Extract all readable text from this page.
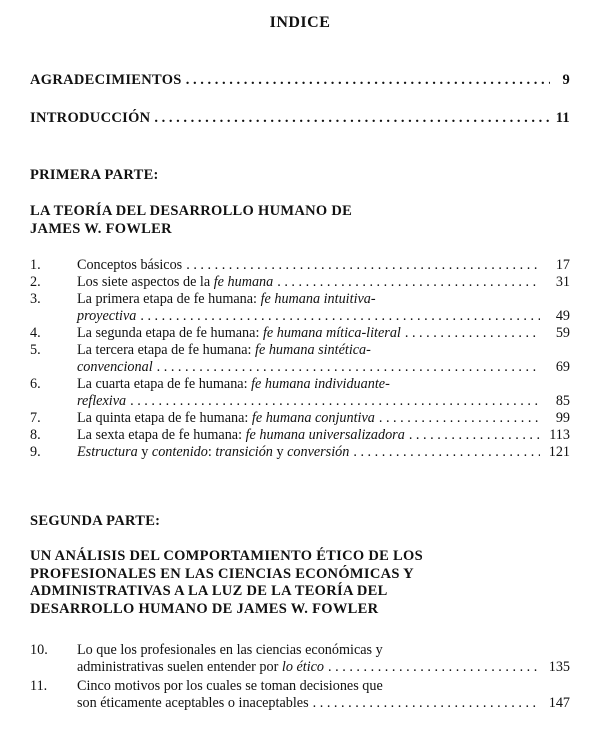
INDICE
AGRADECIMIENTOS . . .	9
INTRODUCCIÓN . . .	11
PRIMERA PARTE:
LA TEORÍA DEL DESARROLLO HUMANO DE
JAMES W. FOWLER
1.	Conceptos básicos . . .	17
2.	Los siete aspectos de la fe humana . . .	31
3.	La primera etapa de fe humana: fe humana intuitiva-
proyectiva . . .	49
4.	La segunda etapa de fe humana: fe humana mítica-literal . . .	59
5.	La tercera etapa de fe humana: fe humana sintética-
convencional . . .	69
6.	La cuarta etapa de fe humana: fe humana individuante-
reflexiva . . .	85
7.	La quinta etapa de fe humana: fe humana conjuntiva . . .	99
8.	La sexta etapa de fe humana: fe humana universalizadora . . .	113
9.	Estructura y contenido: transición y conversión . . .	121
SEGUNDA PARTE:
UN ANÁLISIS DEL COMPORTAMIENTO ÉTICO DE LOS
PROFESIONALES EN LAS CIENCIAS ECONÓMICAS Y
ADMINISTRATIVAS A LA LUZ DE LA TEORÍA DEL
DESARROLLO HUMANO DE JAMES W. FOWLER
10. Lo que los profesionales en las ciencias económicas y
administrativas suelen entender por lo ético . . .	135
11. Cinco motivos por los cuales se toman decisiones que
son éticamente aceptables o inaceptables . . .	147
